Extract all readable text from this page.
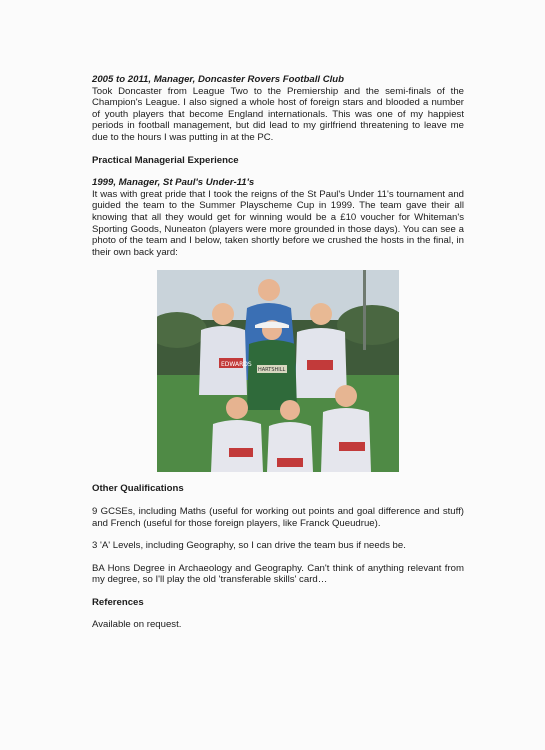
2005 to 2011, Manager, Doncaster Rovers Football Club

Took Doncaster from League Two to the Premiership and the semi-finals of the Champion's League. I also signed a whole host of foreign stars and blooded a number of youth players that become England internationals. This was one of my happiest periods in football management, but did lead to my girlfriend threatening to leave me due to the hours I was putting in at the PC.

Practical Managerial Experience

1999, Manager, St Paul's Under-11's

It was with great pride that I took the reigns of the St Paul's Under 11's tournament and guided the team to the Summer Playscheme Cup in 1999. The team gave their all knowing that all they would get for winning would be a £10 voucher for Whiteman's Sporting Goods, Nuneaton (players were more grounded in those days). You can see a photo of the team and I below, taken shortly before we crushed the hosts in the final, in their own back yard:

EDWARDS
HARTSHILL

Other Qualifications

9 GCSEs, including Maths (useful for working out points and goal difference and stuff) and French (useful for those foreign players, like Franck Queudrue).

3 'A' Levels, including Geography, so I can drive the team bus if needs be.

BA Hons Degree in Archaeology and Geography. Can't think of anything relevant from my degree, so I'll play the old 'transferable skills' card…

References

Available on request.
